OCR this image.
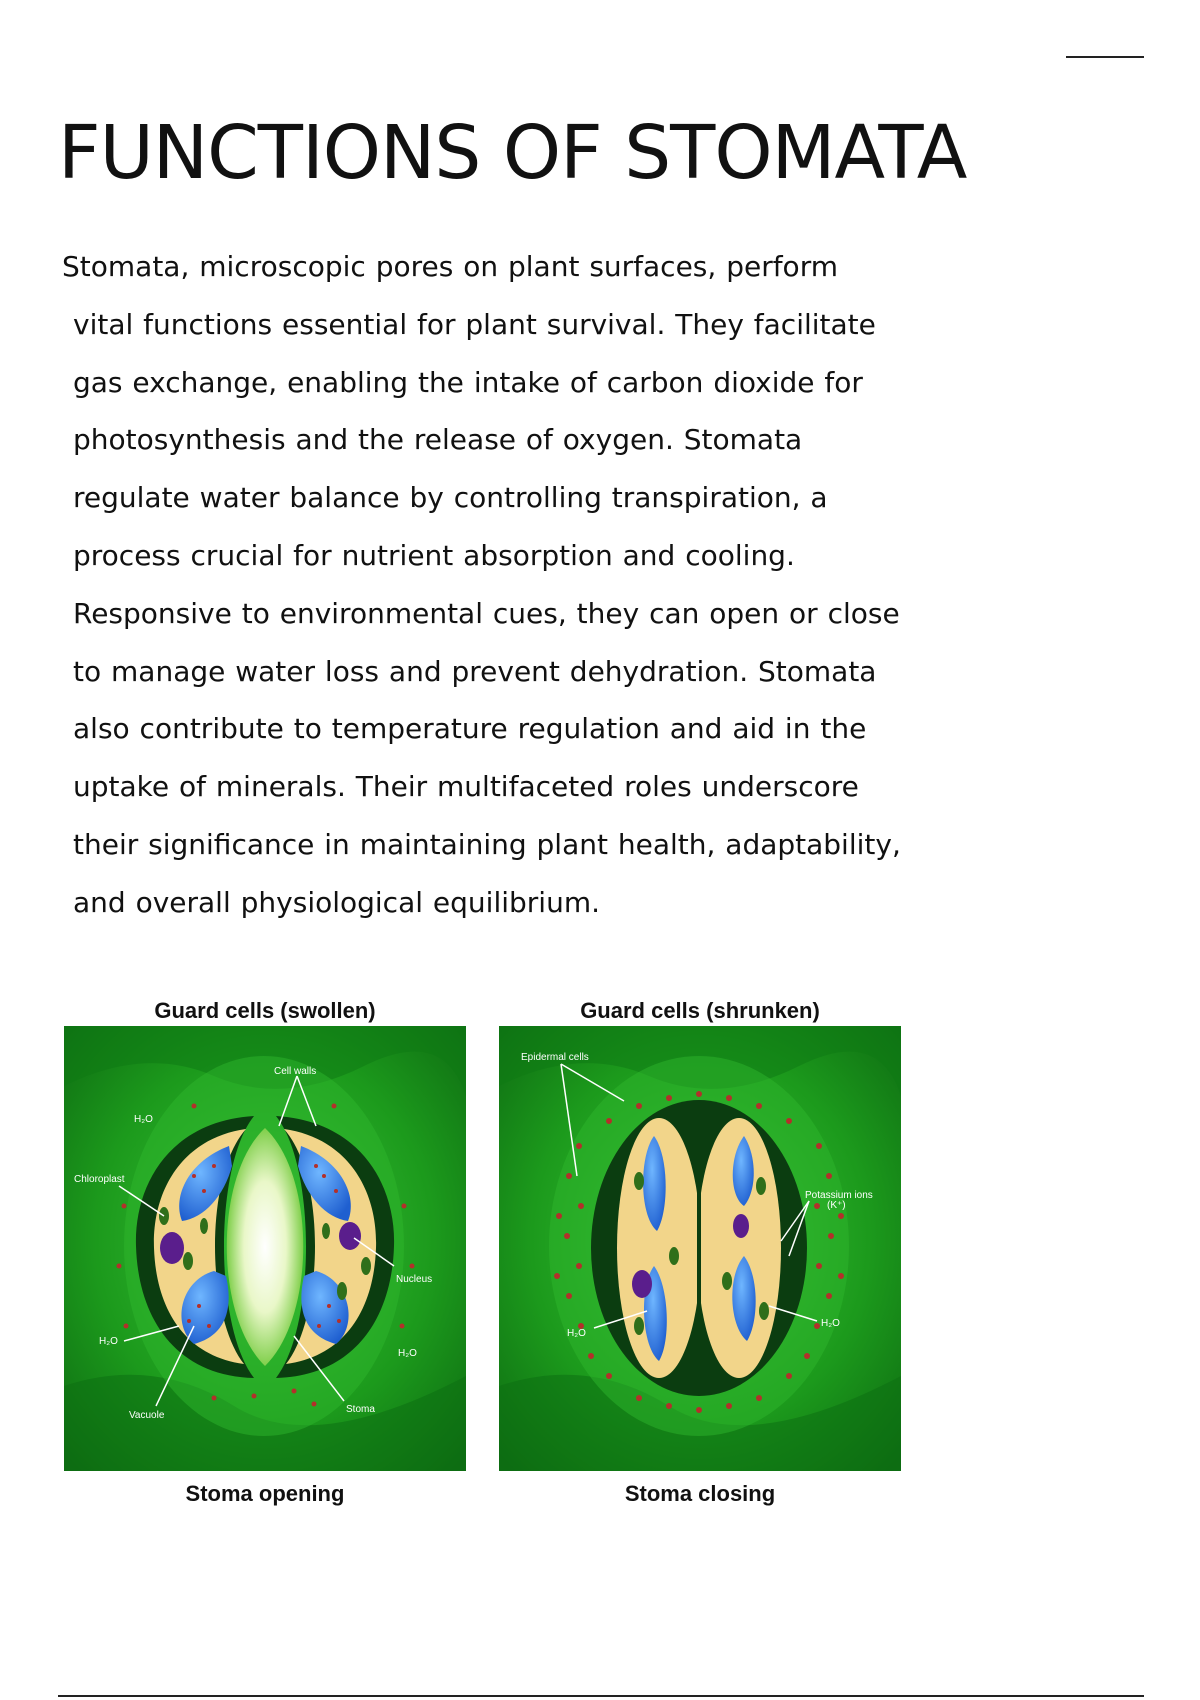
FUNCTIONS OF STOMATA

Stomata, microscopic pores on plant surfaces, perform
vital functions essential for plant survival. They facilitate
gas exchange, enabling the intake of carbon dioxide for
photosynthesis and the release of oxygen. Stomata
regulate water balance by controlling transpiration, a
process crucial for nutrient absorption and cooling.
Responsive to environmental cues, they can open or close
to manage water loss and prevent dehydration. Stomata
also contribute to temperature regulation and aid in the
uptake of minerals. Their multifaceted roles underscore
their significance in maintaining plant health, adaptability,
and overall physiological equilibrium.

Guard cells (swollen)
Cell walls
Chloroplast
Nucleus
Vacuole
Stoma
H₂O
H₂O
H₂O
Stoma opening
Guard cells (shrunken)
Epidermal cells
Potassium ions
(K⁺)
H₂O
H₂O
Stoma closing
